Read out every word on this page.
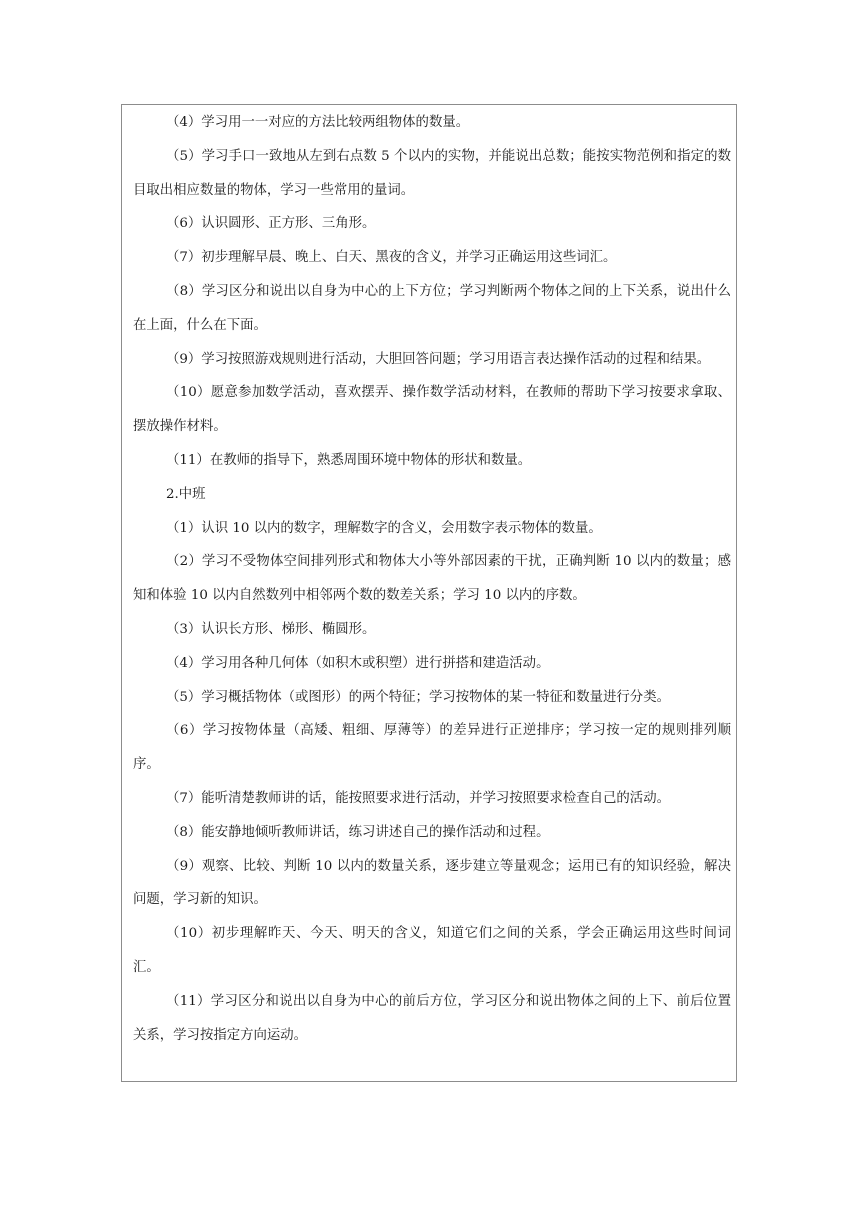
（4）学习用一一对应的方法比较两组物体的数量。

（5）学习手口一致地从左到右点数 5 个以内的实物，并能说出总数；能按实物范例和指定的数目取出相应数量的物体，学习一些常用的量词。

（6）认识圆形、正方形、三角形。

（7）初步理解早晨、晚上、白天、黑夜的含义，并学习正确运用这些词汇。

（8）学习区分和说出以自身为中心的上下方位；学习判断两个物体之间的上下关系，说出什么在上面，什么在下面。

（9）学习按照游戏规则进行活动，大胆回答问题；学习用语言表达操作活动的过程和结果。

（10）愿意参加数学活动，喜欢摆弄、操作数学活动材料，在教师的帮助下学习按要求拿取、摆放操作材料。

（11）在教师的指导下，熟悉周围环境中物体的形状和数量。

2.中班

（1）认识 10 以内的数字，理解数字的含义，会用数字表示物体的数量。

（2）学习不受物体空间排列形式和物体大小等外部因素的干扰，正确判断 10 以内的数量；感知和体验 10 以内自然数列中相邻两个数的数差关系；学习 10 以内的序数。

（3）认识长方形、梯形、椭圆形。

（4）学习用各种几何体（如积木或积塑）进行拼搭和建造活动。

（5）学习概括物体（或图形）的两个特征；学习按物体的某一特征和数量进行分类。

（6）学习按物体量（高矮、粗细、厚薄等）的差异进行正逆排序；学习按一定的规则排列顺序。

（7）能听清楚教师讲的话，能按照要求进行活动，并学习按照要求检查自己的活动。

（8）能安静地倾听教师讲话，练习讲述自己的操作活动和过程。

（9）观察、比较、判断 10 以内的数量关系，逐步建立等量观念；运用已有的知识经验，解决问题，学习新的知识。

（10）初步理解昨天、今天、明天的含义，知道它们之间的关系，学会正确运用这些时间词汇。

（11）学习区分和说出以自身为中心的前后方位，学习区分和说出物体之间的上下、前后位置关系，学习按指定方向运动。
